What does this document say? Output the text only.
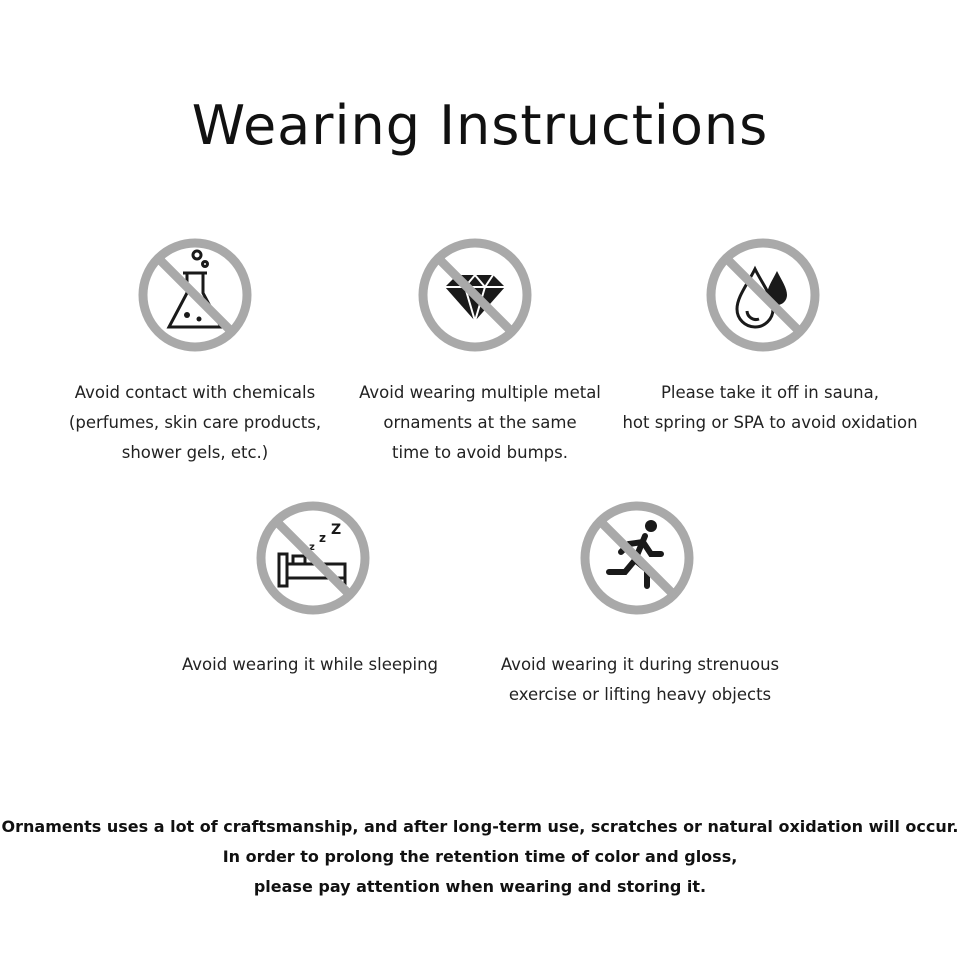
Wearing Instructions
Avoid contact with chemicals
(perfumes, skin care products,
shower gels, etc.)
Avoid wearing multiple metal
ornaments at the same
time to avoid bumps.
Please take it off in sauna,
hot spring or SPA to avoid oxidation
z
z Z
Avoid wearing it while sleeping	Avoid wearing it during strenuous
exercise or lifting heavy objects
Ornaments uses a lot of craftsmanship, and after long-term use, scratches or natural oxidation will occur.
In order to prolong the retention time of color and gloss,
please pay attention when wearing and storing it.
